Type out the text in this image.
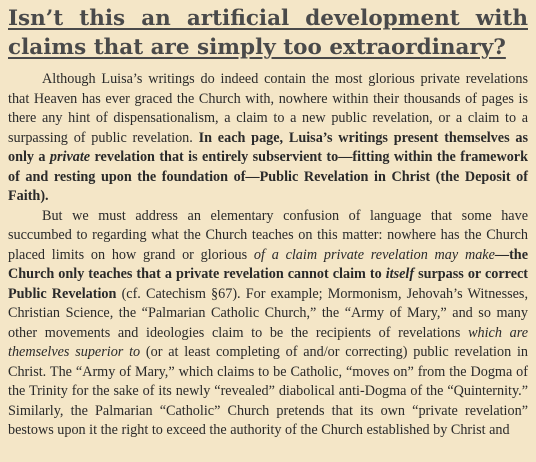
Isn’t this an artificial development with claims that are simply too extraordinary?

Although Luisa’s writings do indeed contain the most glorious private revelations that Heaven has ever graced the Church with, nowhere within their thousands of pages is there any hint of dispensationalism, a claim to a new public revelation, or a claim to a surpassing of public revelation. In each page, Luisa’s writings present themselves as only a private revelation that is entirely subservient to—fitting within the framework of and resting upon the foundation of—Public Revelation in Christ (the Deposit of Faith).

But we must address an elementary confusion of language that some have succumbed to regarding what the Church teaches on this matter: nowhere has the Church placed limits on how grand or glorious of a claim private revelation may make—the Church only teaches that a private revelation cannot claim to itself surpass or correct Public Revelation (cf. Catechism §67). For example; Mormonism, Jehovah’s Witnesses, Christian Science, the “Palmarian Catholic Church,” the “Army of Mary,” and so many other movements and ideologies claim to be the recipients of revelations which are themselves superior to (or at least completing of and/or correcting) public revelation in Christ. The “Army of Mary,” which claims to be Catholic, “moves on” from the Dogma of the Trinity for the sake of its newly “revealed” diabolical anti-Dogma of the “Quinternity.” Similarly, the Palmarian “Catholic” Church pretends that its own “private revelation” bestows upon it the right to exceed the authority of the Church established by Christ and
